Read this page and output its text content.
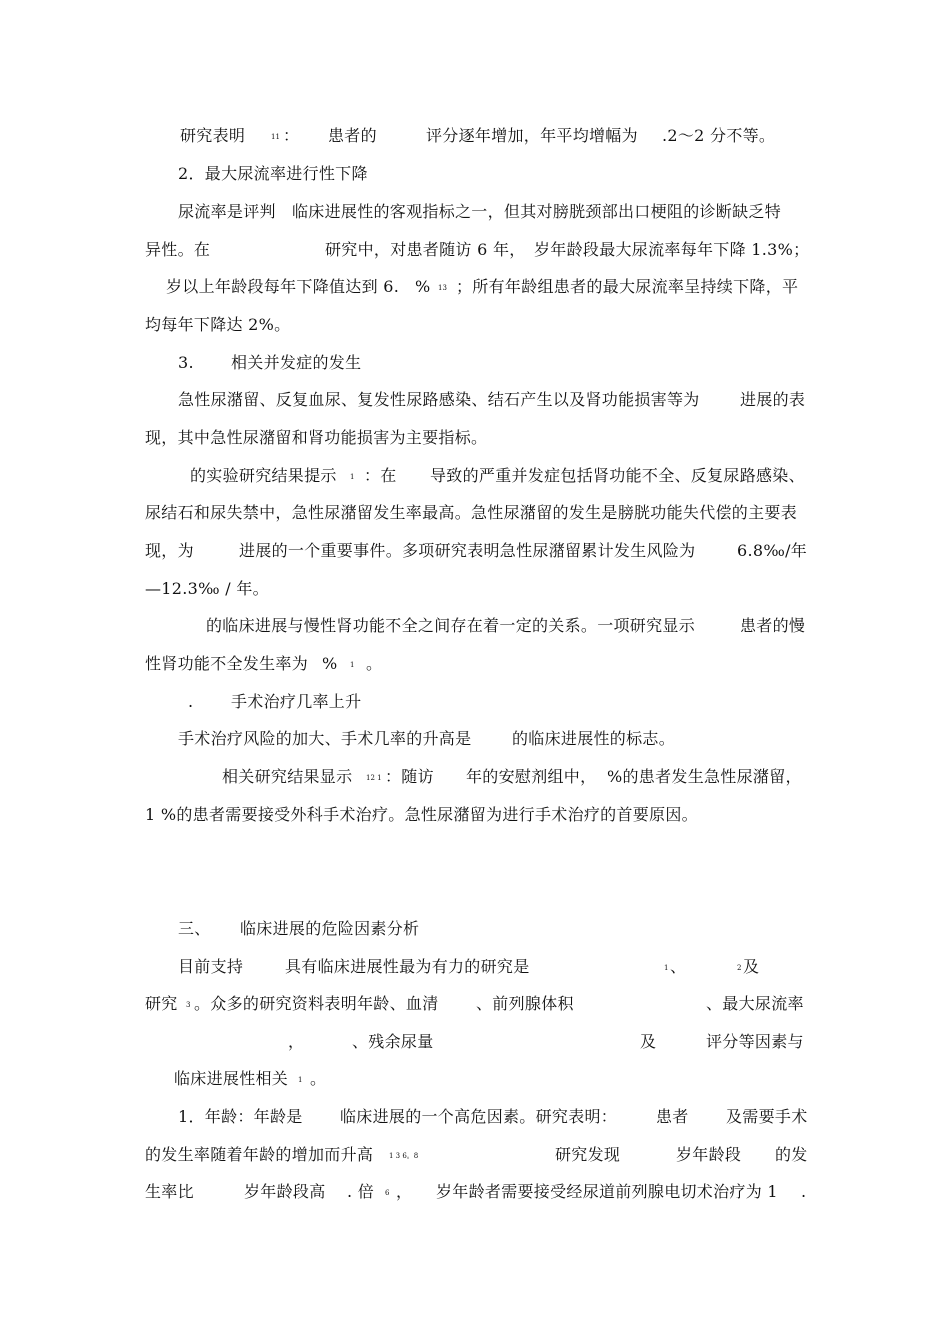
研究表明	11 ： 患者的	评分逐年增加，年平均增幅为 .2～2 分不等。
2．最大尿流率进行性下降
尿流率是评判 临床进展性的客观指标之一，但其对膀胱颈部出口梗阻的诊断缺乏特
异性。在	研究中，对患者随访 6 年， 岁年龄段最大尿流率每年下降 1.3%；
岁以上年龄段每年下降值达到 6. % 13 ；所有年龄组患者的最大尿流率呈持续下降，平
均每年下降达 2%。
3. 相关并发症的发生
急性尿潴留、反复血尿、复发性尿路感染、结石产生以及肾功能损害等为	进展的表
现，其中急性尿潴留和肾功能损害为主要指标。
的实验研究结果提示 1 ：在 导致的严重并发症包括肾功能不全、反复尿路感染、
尿结石和尿失禁中，急性尿潴留发生率最高。急性尿潴留的发生是膀胱功能失代偿的主要表
现，为	进展的一个重要事件。多项研究表明急性尿潴留累计发生风险为	6.8‰/年
—12.3‰ / 年。
的临床进展与慢性肾功能不全之间存在着一定的关系。一项研究显示	患者的慢
性肾功能不全发生率为 % 1 。
. 手术治疗几率上升
手术治疗风险的加大、手术几率的升高是	的临床进展性的标志。
相关研究结果显示 12 1 ：随访 年的安慰剂组中， %的患者发生急性尿潴留，
1 %的患者需要接受外科手术治疗。急性尿潴留为进行手术治疗的首要原因。
三、 临床进展的危险因素分析
目前支持	具有临床进展性最为有力的研究是	1 、	2 及
研究 3 。众多的研究资料表明年龄、血清 、前列腺体积	、最大尿流率
，	、残余尿量	及	评分等因素与
临床进展性相关 1 。
1．年龄：年龄是 临床进展的一个高危因素。研究表明： 患者 及需要手术
的发生率随着年龄的增加而升高 1 3 6。8	研究发现	岁年龄段 的发
生率比	岁年龄段高 . 倍 6 ， 岁年龄者需要接受经尿道前列腺电切术治疗为 1 .
